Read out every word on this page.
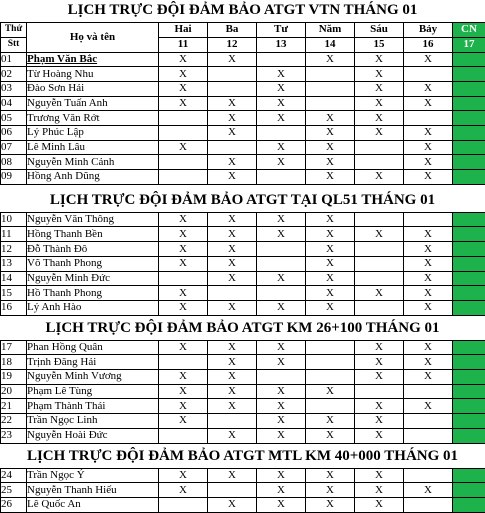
LỊCH TRỰC ĐỘI ĐẢM BẢO ATGT VTN THÁNG 01
Thứ	Họ và tên	Hai	Ba	Tư	Năm	Sáu	Bảy	CN
Stt		11	12	13	14	15	16	17
01	Phạm Văn Bắc	X	X		X	X	X	
02	Từ Hoàng Nhu	X		X		X		
03	Đào Sơn Hải	X		X		X	X	
04	Nguyễn Tuấn Anh	X	X	X		X	X	
05	Trương Văn Rớt		X	X	X	X		
06	Lý Phúc Lập		X		X	X	X	
07	Lê Minh Lâu	X		X	X		X	
08	Nguyễn Minh Cảnh		X	X	X		X	
09	Hồng Anh Dũng		X		X	X	X	
LỊCH TRỰC ĐỘI ĐẢM BẢO ATGT TẠI QL51 THÁNG 01
10	Nguyễn Văn Thông	X	X	X	X			
11	Hồng Thanh Bền	X	X	X	X	X	X	
12	Đỗ Thành Đô	X	X		X		X	
13	Võ Thanh Phong	X	X		X		X	
14	Nguyễn Minh Đức		X	X	X		X	
15	Hồ Thanh Phong	X			X	X	X	
16	Lý Anh Hào	X	X	X	X		X	
LỊCH TRỰC ĐỘI ĐẢM BẢO ATGT KM 26+100 THÁNG 01
17	Phan Hồng Quân	X	X	X		X	X	
18	Trịnh Đăng Hải		X	X		X	X	
19	Nguyễn Minh Vương	X	X			X	X	
20	Phạm Lê Tùng	X	X	X	X			
21	Phạm Thành Thái	X	X	X		X	X	
22	Trần Ngọc Linh	X		X	X	X		
23	Nguyễn Hoài Đức		X	X	X	X		
LỊCH TRỰC ĐỘI ĐẢM BẢO ATGT MTL KM 40+000 THÁNG 01
24	Trần Ngọc Ý	X	X	X	X	X		
25	Nguyễn Thanh Hiếu	X		X	X	X	X	
26	Lê Quốc An		X	X	X	X		
